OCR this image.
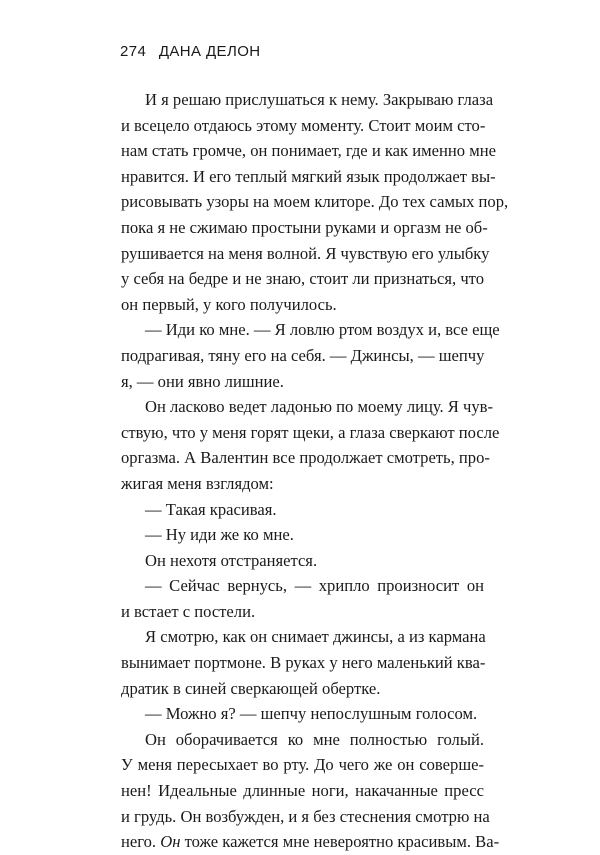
274 ДАНА ДЕЛОН
И я решаю прислушаться к нему. Закрываю глаза
и всецело отдаюсь этому моменту. Стоит моим сто-
нам стать громче, он понимает, где и как именно мне
нравится. И его теплый мягкий язык продолжает вы-
рисовывать узоры на моем клиторе. До тех самых пор,
пока я не сжимаю простыни руками и оргазм не об-
рушивается на меня волной. Я чувствую его улыбку
у себя на бедре и не знаю, стоит ли признаться, что
он первый, у кого получилось.
— Иди ко мне. — Я ловлю ртом воздух и, все еще
подрагивая, тяну его на себя. — Джинсы, — шепчу
я, — они явно лишние.
Он ласково ведет ладонью по моему лицу. Я чув-
ствую, что у меня горят щеки, а глаза сверкают после
оргазма. А Валентин все продолжает смотреть, про-
жигая меня взглядом:
— Такая красивая.
— Ну иди же ко мне.
Он нехотя отстраняется.
— Сейчас вернусь, — хрипло произносит он
и встает с постели.
Я смотрю, как он снимает джинсы, а из кармана
вынимает портмоне. В руках у него маленький ква-
дратик в синей сверкающей обертке.
— Можно я? — шепчу непослушным голосом.
Он оборачивается ко мне полностью голый.
У меня пересыхает во рту. До чего же он соверше-
нен! Идеальные длинные ноги, накачанные пресс
и грудь. Он возбужден, и я без стеснения смотрю на
него. Он тоже кажется мне невероятно красивым. Ва-
